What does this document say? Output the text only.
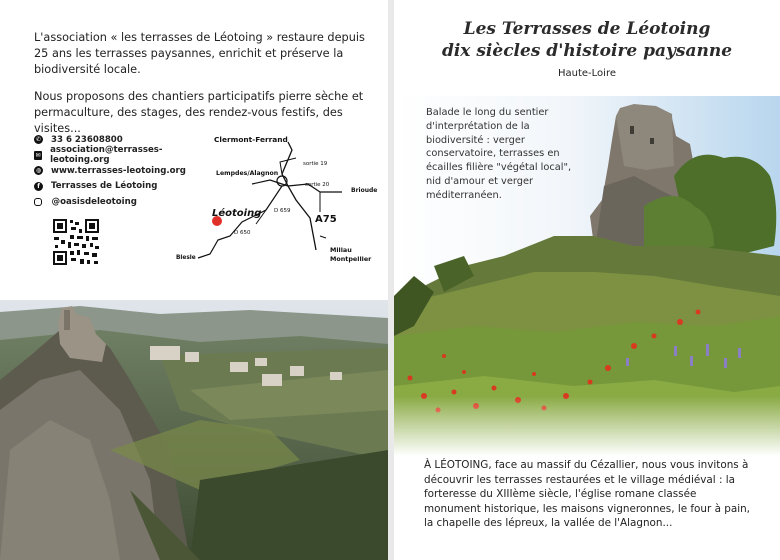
L'association « les terrasses de Léotoing » restaure depuis 25 ans les terrasses paysannes, enrichit et préserve la biodiversité locale.

Nous proposons des chantiers participatifs pierre sèche et permaculture, des stages, des rendez-vous festifs, des visites...

✆ 33 6 23608800
✉ association@terrasses-leotoing.org
◍ www.terrasses-leotoing.org
f	Terrasses de Léotoing
@oasisdeleotoing
Clermont-Ferrand
sortie 19
Lempdes/Alagnon
sortie 20
Brioude
Léotoing D 659
A75
D 650
Millau
Montpellier
Blesle
Les Terrasses de Léotoing
dix siècles d'histoire paysanne
Haute-Loire

Balade le long du sentier d'interprétation de la biodiversité : verger conservatoire, terrasses en écailles filière "végétal local", nid d'amour et verger méditerranéen.

À LÉOTOING, face au massif du Cézallier, nous vous invitons à découvrir les terrasses restaurées et le village médiéval : la forteresse du XIIIème siècle, l'église romane classée monument historique, les maisons vigneronnes, le four à pain, la chapelle des lépreux, la vallée de l'Alagnon...
